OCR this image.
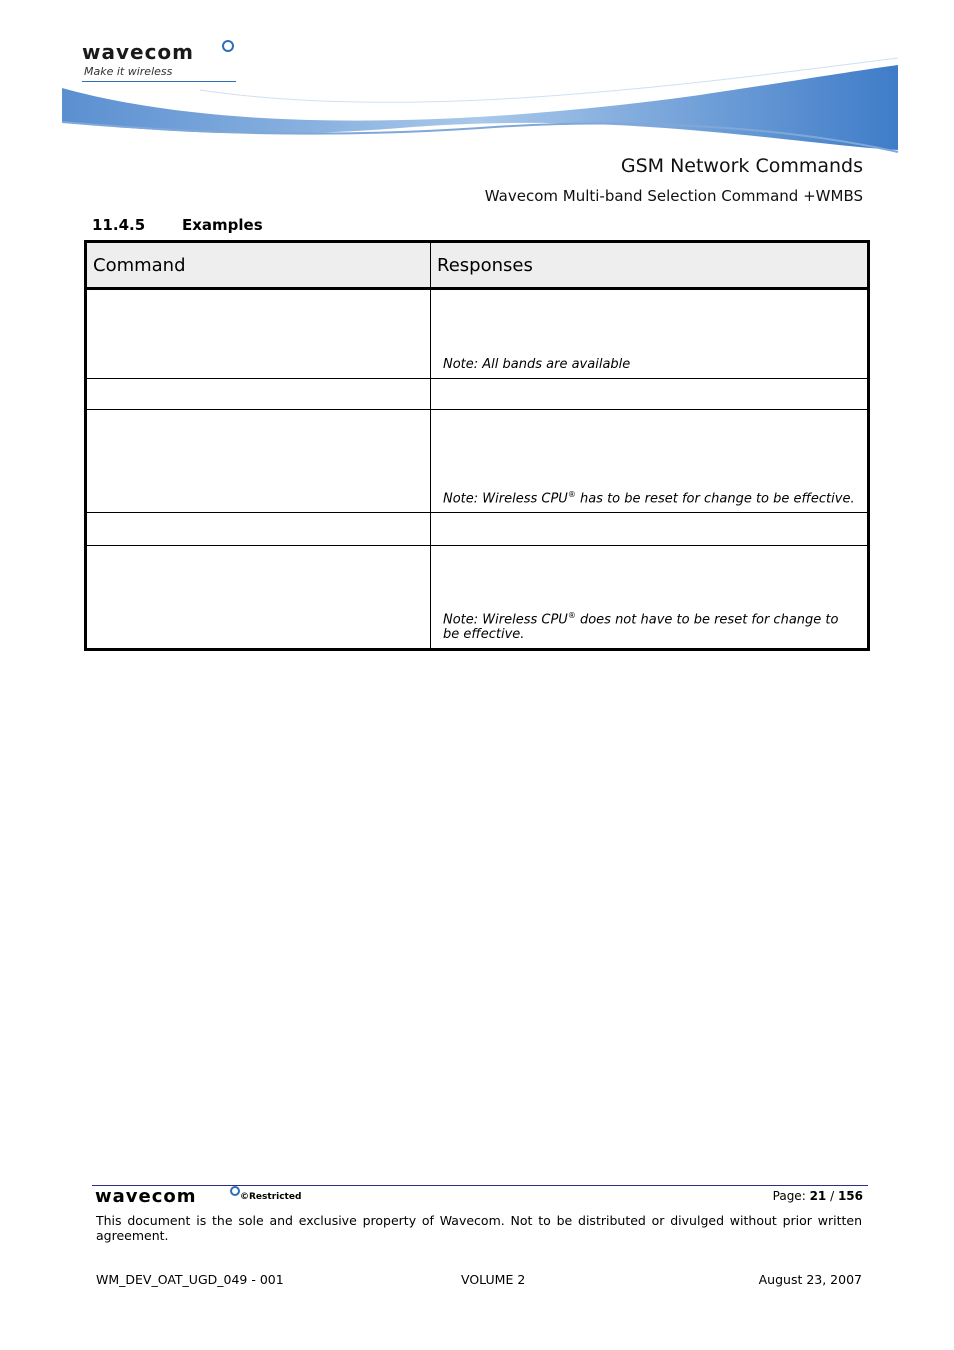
wavecom
Make it wireless
GSM Network Commands
Wavecom Multi-band Selection Command +WMBS
11.4.5 Examples
Command	Responses

	Note: All bands are available

	Note: Wireless CPU® has to be reset for change to be effective.

	Note: Wireless CPU® does not have to be reset for change to be effective.
wavecom	©Restricted	Page: 21 / 156
This document is the sole and exclusive property of Wavecom. Not to be distributed or divulged without prior written agreement.
WM_DEV_OAT_UGD_049 - 001	VOLUME 2	August 23, 2007
